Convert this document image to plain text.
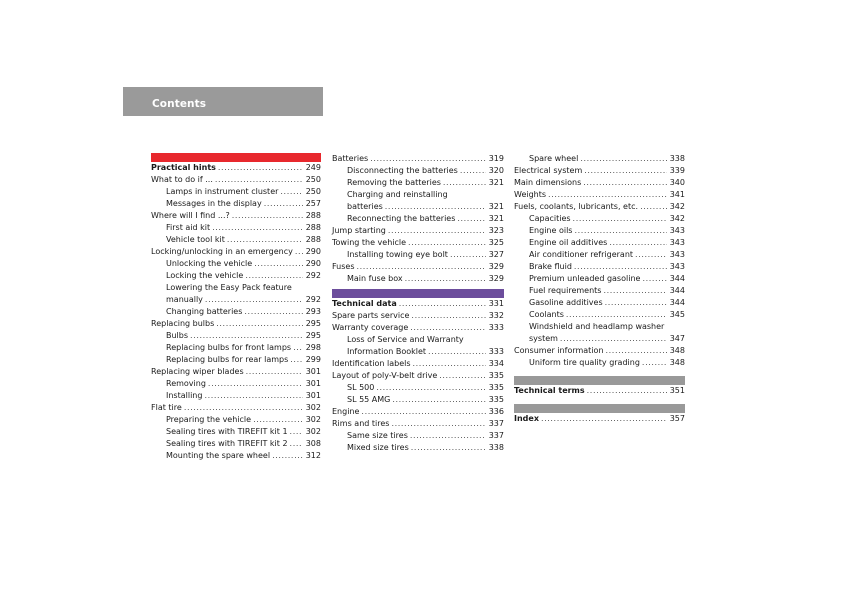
Contents
Practical hints .....	249
What to do if ... .....	250
Lamps in instrument cluster .....	250
Messages in the display .....	257
Where will I find ...? .....	288
First aid kit .....	288
Vehicle tool kit .....	288
Locking/unlocking in an emergency ..... 290
Unlocking the vehicle .....	290
Locking the vehicle .....	292
Lowering the Easy Pack feature
manually .....	292
Changing batteries .....	293
Replacing bulbs .....	295
Bulbs .....	295
Replacing bulbs for front lamps ..... 298
Replacing bulbs for rear lamps ..... 299
Replacing wiper blades .....	301
Removing .....	301
Installing .....	301
Flat tire .....	302
Preparing the vehicle .....	302
Sealing tires with TIREFIT kit 1 ..... 302
Sealing tires with TIREFIT kit 2 ..... 308
Mounting the spare wheel .....	312
Batteries .....	319
Disconnecting the batteries .....	320
Removing the batteries .....	321
Charging and reinstalling
batteries .....	321
Reconnecting the batteries .....	321
Jump starting .....	323
Towing the vehicle .....	325
Installing towing eye bolt .....	327
Fuses .....	329
Main fuse box .....	329
Technical data .....	331
Spare parts service .....	332
Warranty coverage .....	333
Loss of Service and Warranty
Information Booklet .....	333
Identification labels .....	334
Layout of poly-V-belt drive .....	335
SL 500 .....	335
SL 55 AMG .....	335
Engine .....	336
Rims and tires .....	337
Same size tires .....	337
Mixed size tires .....	338
Spare wheel .....	338
Electrical system .....	339
Main dimensions .....	340
Weights .....	341
Fuels, coolants, lubricants, etc. .....	342
Capacities .....	342
Engine oils .....	343
Engine oil additives .....	343
Air conditioner refrigerant .....	343
Brake fluid .....	343
Premium unleaded gasoline .....	344
Fuel requirements .....	344
Gasoline additives .....	344
Coolants .....	345
Windshield and headlamp washer
system .....	347
Consumer information .....	348
Uniform tire quality grading .....	348
Technical terms .....	351
Index .....	357
